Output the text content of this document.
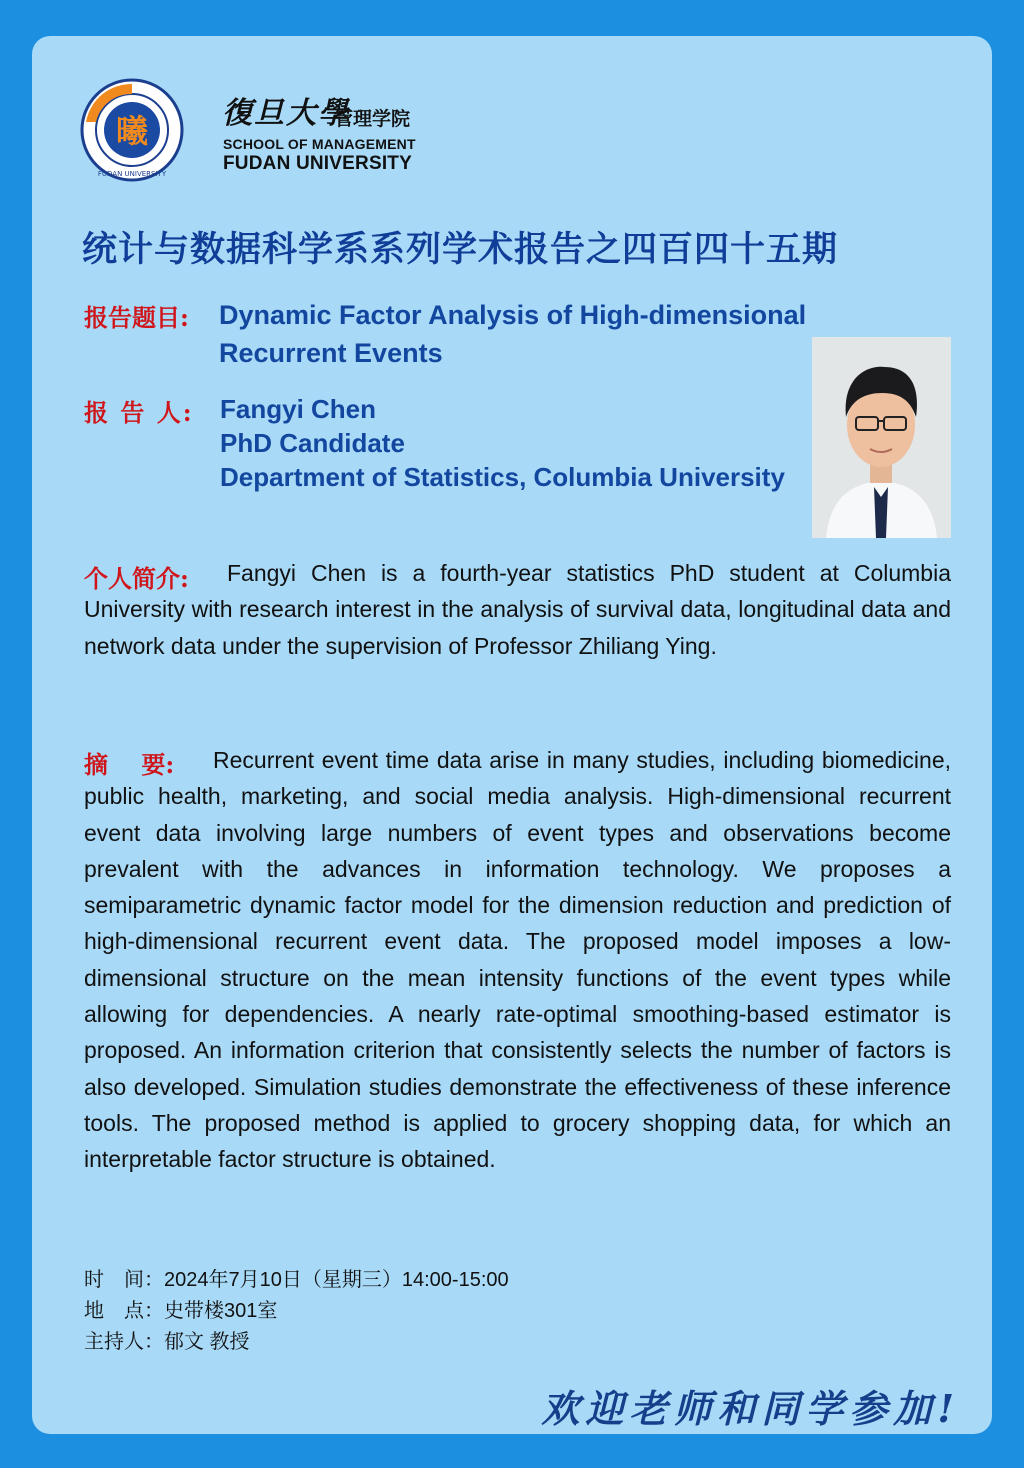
曦
FUDAN UNIVERSITY
復旦大學
管理学院
SCHOOL OF MANAGEMENT
FUDAN UNIVERSITY
统计与数据科学系系列学术报告之四百四十五期
报告题目: Dynamic Factor Analysis of High-dimensional Recurrent Events
报 告 人: Fangyi Chen
PhD Candidate
Department of Statistics, Columbia University
个人简介:	Fangyi Chen is a fourth-year statistics PhD student at Columbia University with research interest in the analysis of survival data, longitudinal data and network data under the supervision of Professor Zhiliang Ying.
摘    要:	Recurrent event time data arise in many studies, including biomedicine, public health, marketing, and social media analysis. High-dimensional recurrent event data involving large numbers of event types and observations become prevalent with the advances in information technology. We proposes a semiparametric dynamic factor model for the dimension reduction and prediction of high-dimensional recurrent event data. The proposed model imposes a low-dimensional structure on the mean intensity functions of the event types while allowing for dependencies. A nearly rate-optimal smoothing-based estimator is proposed. An information criterion that consistently selects the number of factors is also developed. Simulation studies demonstrate the effectiveness of these inference tools. The proposed method is applied to grocery shopping data, for which an interpretable factor structure is obtained.
时　间：2024年7月10日（星期三）14:00-15:00
地　点：史带楼301室
主持人：郁文 教授
欢迎老师和同学参加!
